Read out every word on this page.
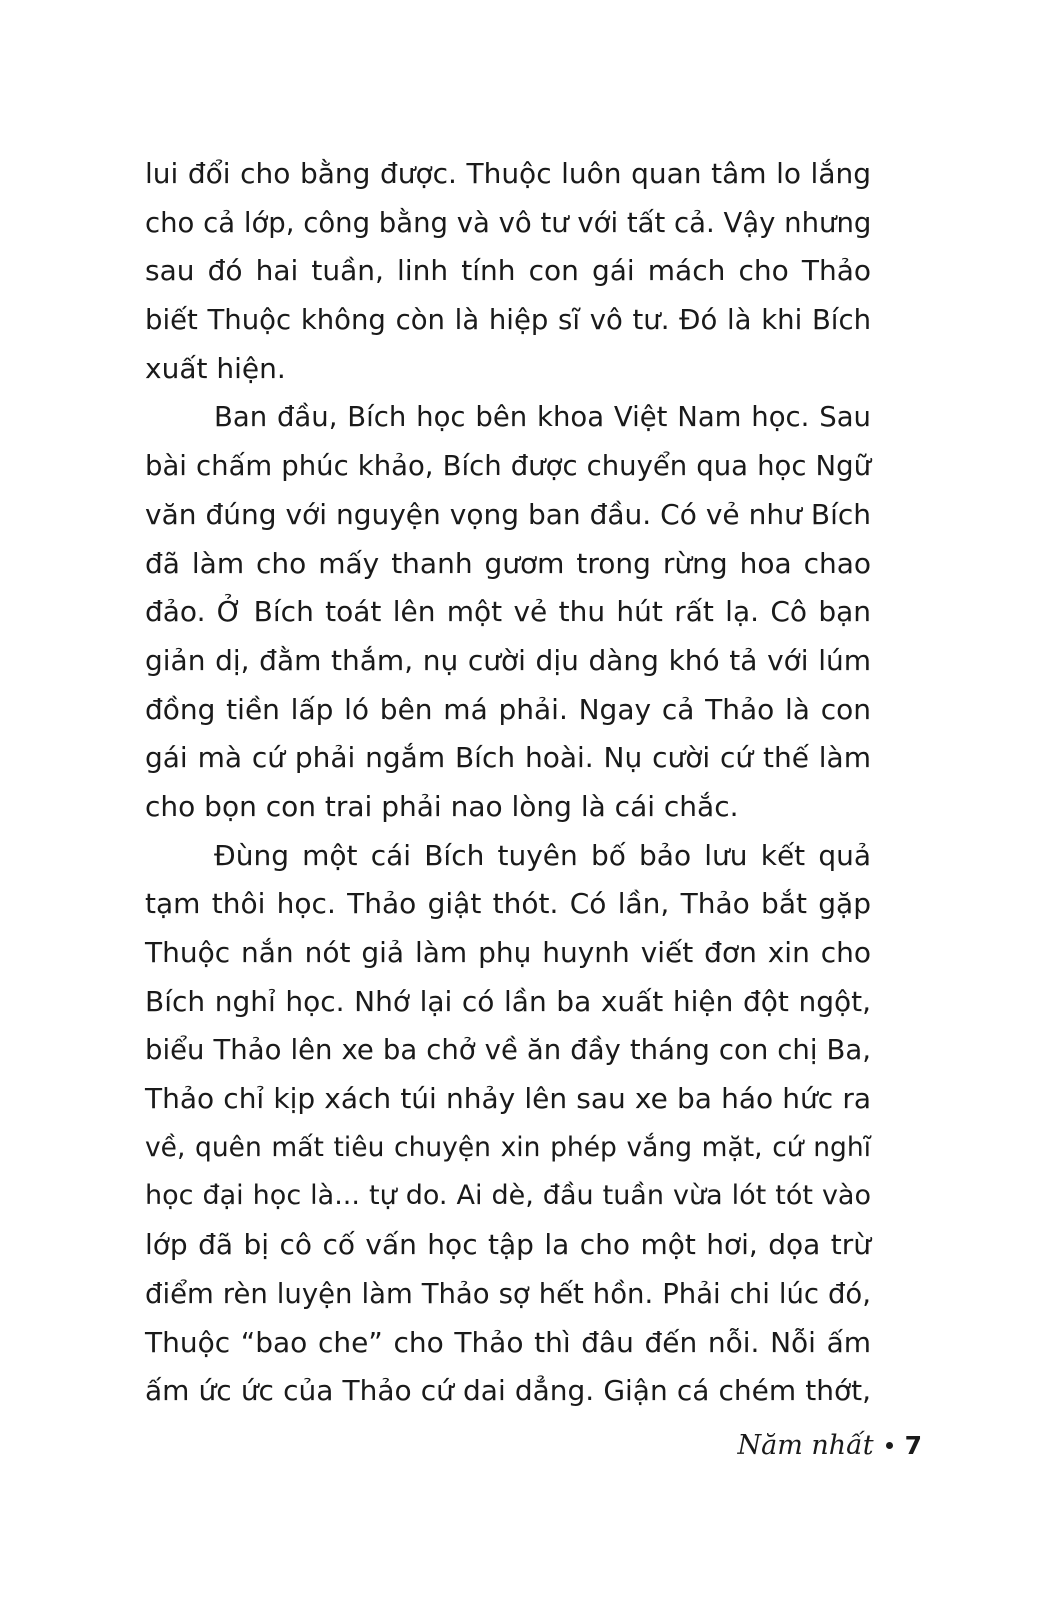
lui đổi cho bằng được. Thuộc luôn quan tâm lo lắng
cho cả lớp, công bằng và vô tư với tất cả. Vậy nhưng
sau đó hai tuần, linh tính con gái mách cho Thảo
biết Thuộc không còn là hiệp sĩ vô tư. Đó là khi Bích
xuất hiện.
Ban đầu, Bích học bên khoa Việt Nam học. Sau
bài chấm phúc khảo, Bích được chuyển qua học Ngữ
văn đúng với nguyện vọng ban đầu. Có vẻ như Bích
đã làm cho mấy thanh gươm trong rừng hoa chao
đảo. Ở Bích toát lên một vẻ thu hút rất lạ. Cô bạn
giản dị, đằm thắm, nụ cười dịu dàng khó tả với lúm
đồng tiền lấp ló bên má phải. Ngay cả Thảo là con
gái mà cứ phải ngắm Bích hoài. Nụ cười cứ thế làm
cho bọn con trai phải nao lòng là cái chắc.
Đùng một cái Bích tuyên bố bảo lưu kết quả
tạm thôi học. Thảo giật thót. Có lần, Thảo bắt gặp
Thuộc nắn nót giả làm phụ huynh viết đơn xin cho
Bích nghỉ học. Nhớ lại có lần ba xuất hiện đột ngột,
biểu Thảo lên xe ba chở về ăn đầy tháng con chị Ba,
Thảo chỉ kịp xách túi nhảy lên sau xe ba háo hức ra
về, quên mất tiêu chuyện xin phép vắng mặt, cứ nghĩ
học đại học là... tự do. Ai dè, đầu tuần vừa lót tót vào
lớp đã bị cô cố vấn học tập la cho một hơi, dọa trừ
điểm rèn luyện làm Thảo sợ hết hồn. Phải chi lúc đó,
Thuộc “bao che” cho Thảo thì đâu đến nỗi. Nỗi ấm
ấm ức ức của Thảo cứ dai dẳng. Giận cá chém thớt,
Năm nhất 7
